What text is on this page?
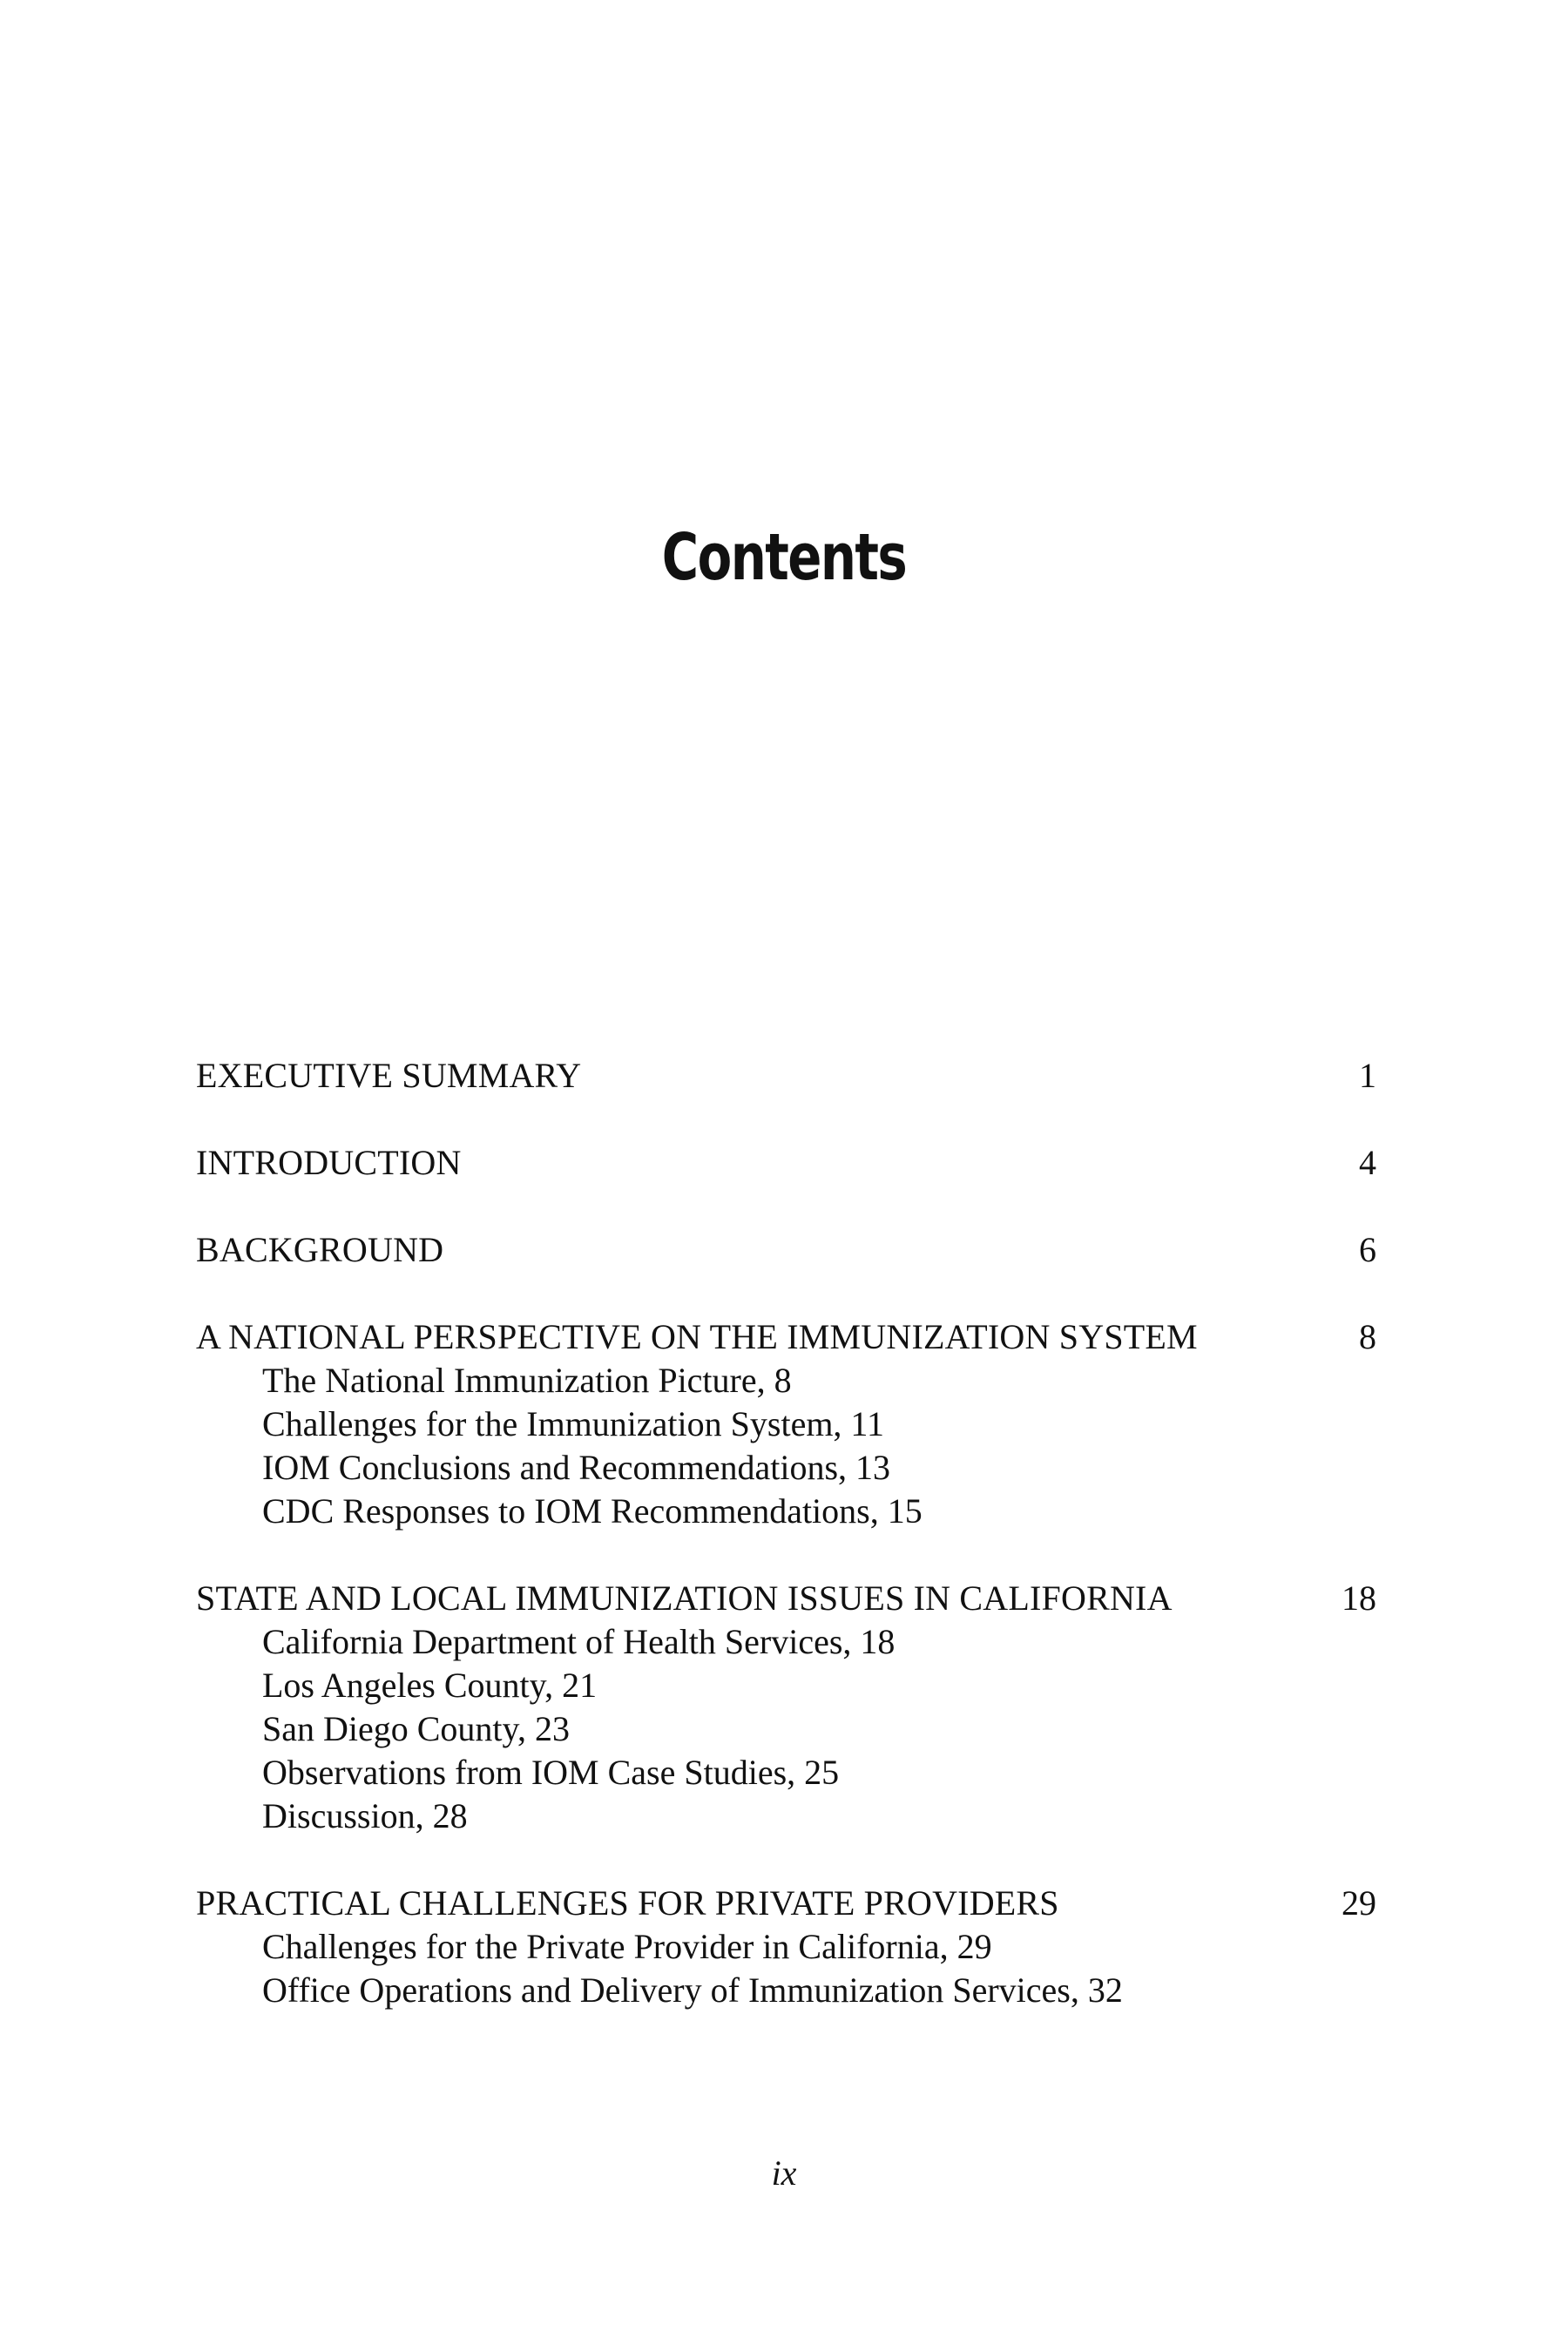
Contents
EXECUTIVE SUMMARY	1
INTRODUCTION	4
BACKGROUND	6
A NATIONAL PERSPECTIVE ON THE IMMUNIZATION SYSTEM	8
The National Immunization Picture, 8
Challenges for the Immunization System, 11
IOM Conclusions and Recommendations, 13
CDC Responses to IOM Recommendations, 15
STATE AND LOCAL IMMUNIZATION ISSUES IN CALIFORNIA	18
California Department of Health Services, 18
Los Angeles County, 21
San Diego County, 23
Observations from IOM Case Studies, 25
Discussion, 28
PRACTICAL CHALLENGES FOR PRIVATE PROVIDERS	29
Challenges for the Private Provider in California, 29
Office Operations and Delivery of Immunization Services, 32

ix
